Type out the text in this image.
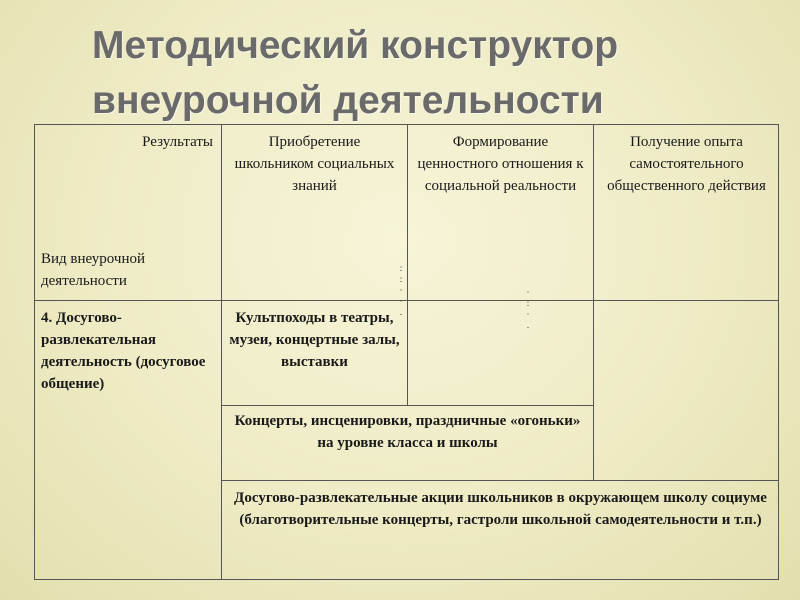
Методический конструктор
внеурочной деятельности
Результаты
Вид внеурочной деятельности
Приобретение школьником социальных знаний
Формирование ценностного отношения к социальной реальности
Получение опыта самостоятельного общественного действия
4. Досугово-развлекательная деятельность (досуговое общение)
Культпоходы в театры, музеи, концертные залы, выставки
Концерты, инсценировки, праздничные «огоньки» на уровне класса и школы
Досугово-развлекательные акции школьников в окружающем школу социуме (благотворительные концерты, гастроли школьной самодеятельности и т.п.)
:
:
·
·
.
·
:
·
.
